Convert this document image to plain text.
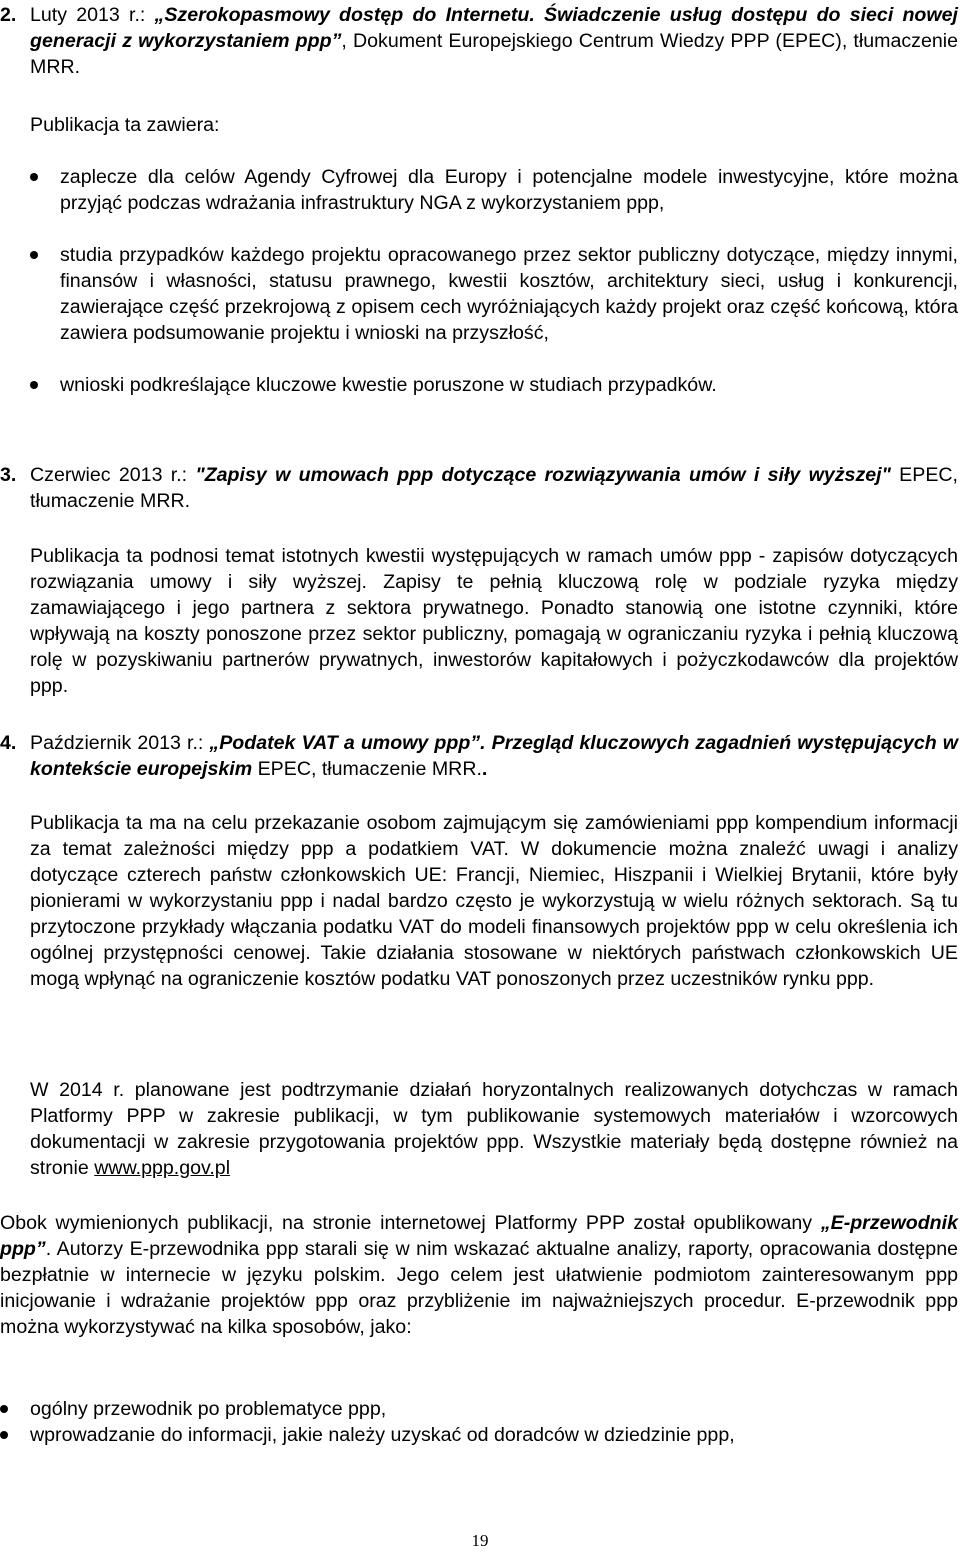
2. Luty 2013 r.: „Szerokopasmowy dostęp do Internetu. Świadczenie usług dostępu do sieci nowej generacji z wykorzystaniem ppp”, Dokument Europejskiego Centrum Wiedzy PPP (EPEC), tłumaczenie MRR.

Publikacja ta zawiera:

zaplecze dla celów Agendy Cyfrowej dla Europy i potencjalne modele inwestycyjne, które można przyjąć podczas wdrażania infrastruktury NGA z wykorzystaniem ppp,
studia przypadków każdego projektu opracowanego przez sektor publiczny dotyczące, między innymi, finansów i własności, statusu prawnego, kwestii kosztów, architektury sieci, usług i konkurencji, zawierające część przekrojową z opisem cech wyróżniających każdy projekt oraz część końcową, która zawiera podsumowanie projektu i wnioski na przyszłość,
wnioski podkreślające kluczowe kwestie poruszone w studiach przypadków.
3. Czerwiec 2013 r.: "Zapisy w umowach ppp dotyczące rozwiązywania umów i siły wyższej" EPEC, tłumaczenie MRR.

Publikacja ta podnosi temat istotnych kwestii występujących w ramach umów ppp - zapisów dotyczących rozwiązania umowy i siły wyższej. Zapisy te pełnią kluczową rolę w podziale ryzyka między zamawiającego i jego partnera z sektora prywatnego. Ponadto stanowią one istotne czynniki, które wpływają na koszty ponoszone przez sektor publiczny, pomagają w ograniczaniu ryzyka i pełnią kluczową rolę w pozyskiwaniu partnerów prywatnych, inwestorów kapitałowych i pożyczkodawców dla projektów ppp.

4. Październik 2013 r.: „Podatek VAT a umowy ppp”. Przegląd kluczowych zagadnień występujących w kontekście europejskim EPEC, tłumaczenie MRR..

Publikacja ta ma na celu przekazanie osobom zajmującym się zamówieniami ppp kompendium informacji za temat zależności między ppp a podatkiem VAT. W dokumencie można znaleźć uwagi i analizy dotyczące czterech państw członkowskich UE: Francji, Niemiec, Hiszpanii i Wielkiej Brytanii, które były pionierami w wykorzystaniu ppp i nadal bardzo często je wykorzystują w wielu różnych sektorach. Są tu przytoczone przykłady włączania podatku VAT do modeli finansowych projektów ppp w celu określenia ich ogólnej przystępności cenowej. Takie działania stosowane w niektórych państwach członkowskich UE mogą wpłynąć na ograniczenie kosztów podatku VAT ponoszonych przez uczestników rynku ppp.

W 2014 r. planowane jest podtrzymanie działań horyzontalnych realizowanych dotychczas w ramach Platformy PPP w zakresie publikacji, w tym publikowanie systemowych materiałów i wzorcowych dokumentacji w zakresie przygotowania projektów ppp. Wszystkie materiały będą dostępne również na stronie www.ppp.gov.pl

Obok wymienionych publikacji, na stronie internetowej Platformy PPP został opublikowany „E-przewodnik ppp”. Autorzy E-przewodnika ppp starali się w nim wskazać aktualne analizy, raporty, opracowania dostępne bezpłatnie w internecie w języku polskim. Jego celem jest ułatwienie podmiotom zainteresowanym ppp inicjowanie i wdrażanie projektów ppp oraz przybliżenie im najważniejszych procedur. E-przewodnik ppp można wykorzystywać na kilka sposobów, jako:

ogólny przewodnik po problematyce ppp,
wprowadzanie do informacji, jakie należy uzyskać od doradców w dziedzinie ppp,
19
